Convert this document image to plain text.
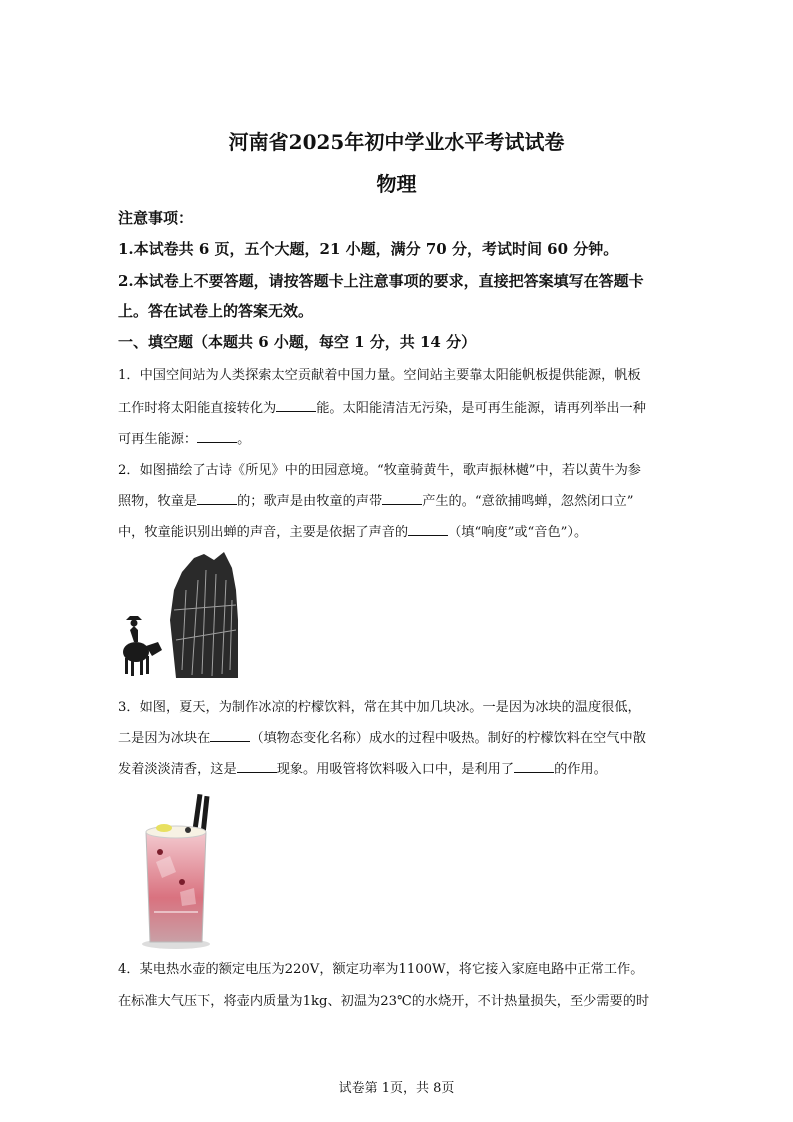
河南省2025年初中学业水平考试试卷
物理
注意事项：
1.本试卷共 6 页，五个大题，21 小题，满分 70 分，考试时间 60 分钟。
2.本试卷上不要答题，请按答题卡上注意事项的要求，直接把答案填写在答题卡
上。答在试卷上的答案无效。
一、填空题（本题共 6 小题，每空 1 分，共 14 分）
1．中国空间站为人类探索太空贡献着中国力量。空间站主要靠太阳能帆板提供能源，帆板
工作时将太阳能直接转化为	能。太阳能清洁无污染，是可再生能源，请再列举出一种
可再生能源：	。
2．如图描绘了古诗《所见》中的田园意境。“牧童骑黄牛，歌声振林樾”中，若以黄牛为参
照物，牧童是	的；歌声是由牧童的声带	产生的。“意欲捕鸣蝉，忽然闭口立”
中，牧童能识别出蝉的声音，主要是依据了声音的	（填“响度”或“音色”）。
3．如图，夏天，为制作冰凉的柠檬饮料，常在其中加几块冰。一是因为冰块的温度很低，
二是因为冰块在	（填物态变化名称）成水的过程中吸热。制好的柠檬饮料在空气中散
发着淡淡清香，这是	现象。用吸管将饮料吸入口中，是利用了	的作用。
4．某电热水壶的额定电压为220V，额定功率为1100W，将它接入家庭电路中正常工作。
在标准大气压下，将壶内质量为1kg、初温为23℃的水烧开，不计热量损失，至少需要的时
试卷第 1页，共 8页
